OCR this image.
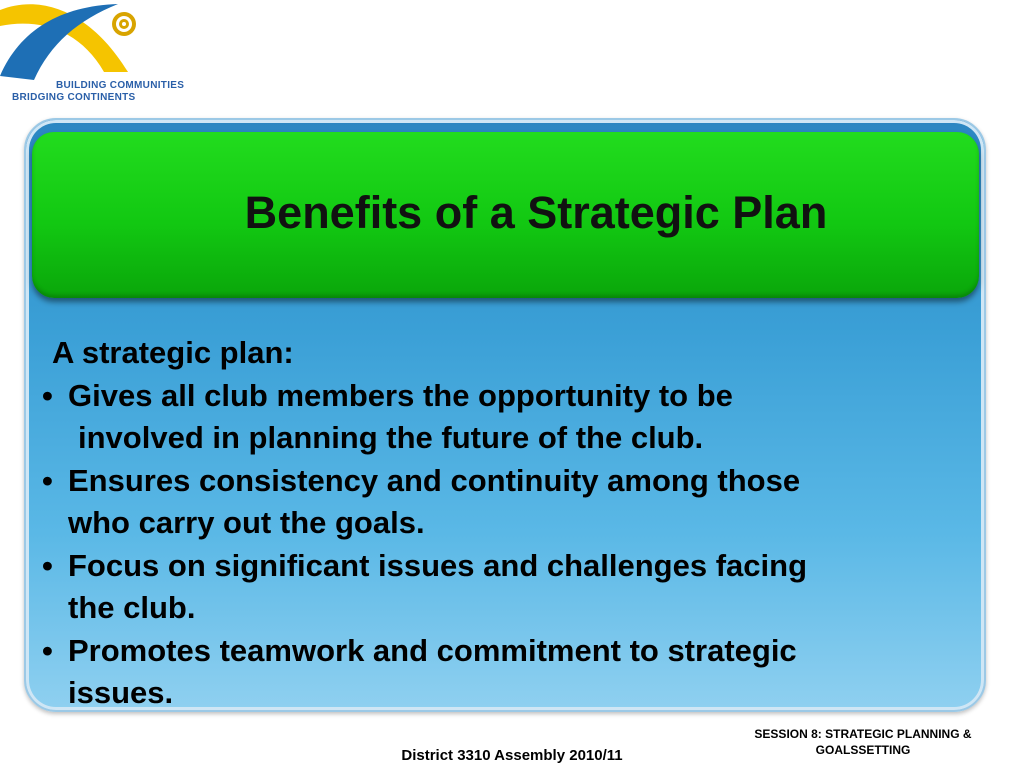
BUILDING COMMUNITIES
BRIDGING CONTINENTS
Benefits of a Strategic Plan
A strategic plan:
• Gives all club members the opportunity to be
involved in planning the future of the club.
• Ensures consistency and continuity among those
who carry out the goals.
• Focus on significant issues and challenges facing
the club.
• Promotes teamwork and commitment to strategic
issues.
SESSION 8: STRATEGIC PLANNING &
GOALSSETTING
District 3310 Assembly 2010/11
